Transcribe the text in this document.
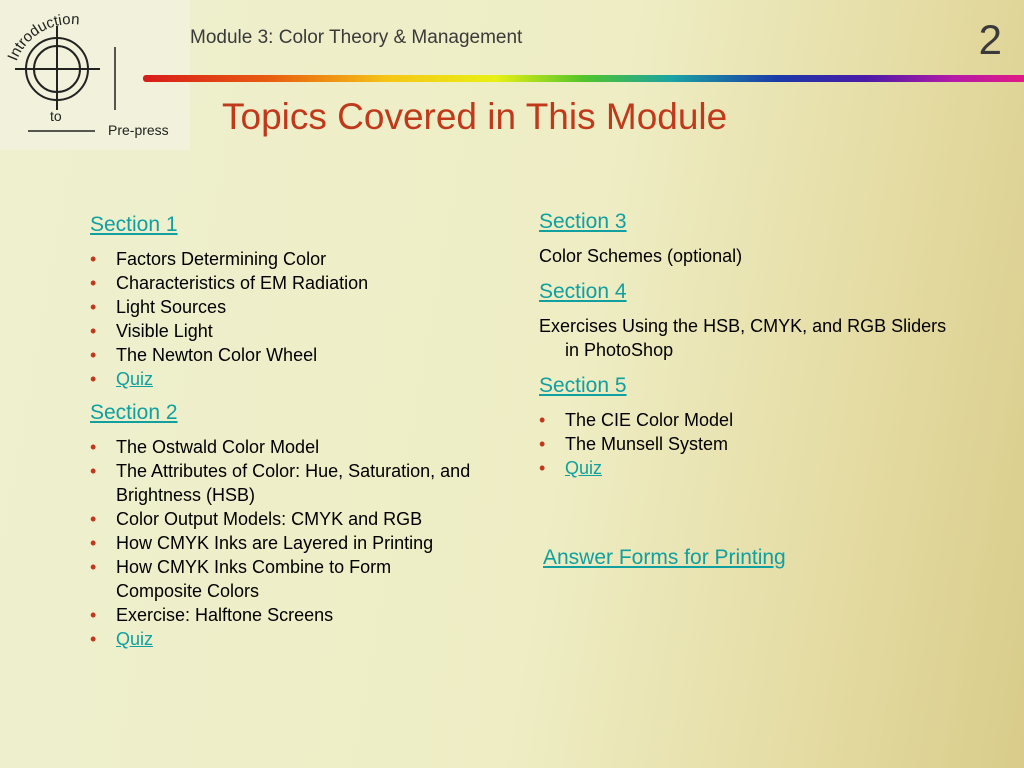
Introduction
to
Pre-press
Module 3: Color Theory & Management	2
Topics Covered in This Module
Section 1
• Factors Determining Color
• Characteristics of EM Radiation
• Light Sources
• Visible Light
• The Newton Color Wheel
• Quiz
Section 2
• The Ostwald Color Model
• The Attributes of Color: Hue, Saturation, and Brightness (HSB)
• Color Output Models: CMYK and RGB
• How CMYK Inks are Layered in Printing
• How CMYK Inks Combine to Form Composite Colors
• Exercise: Halftone Screens
• Quiz
Section 3

Color Schemes (optional)

Section 4

Exercises Using the HSB, CMYK, and RGB Sliders in PhotoShop

Section 5
• The CIE Color Model
• The Munsell System
• Quiz
Answer Forms for Printing
